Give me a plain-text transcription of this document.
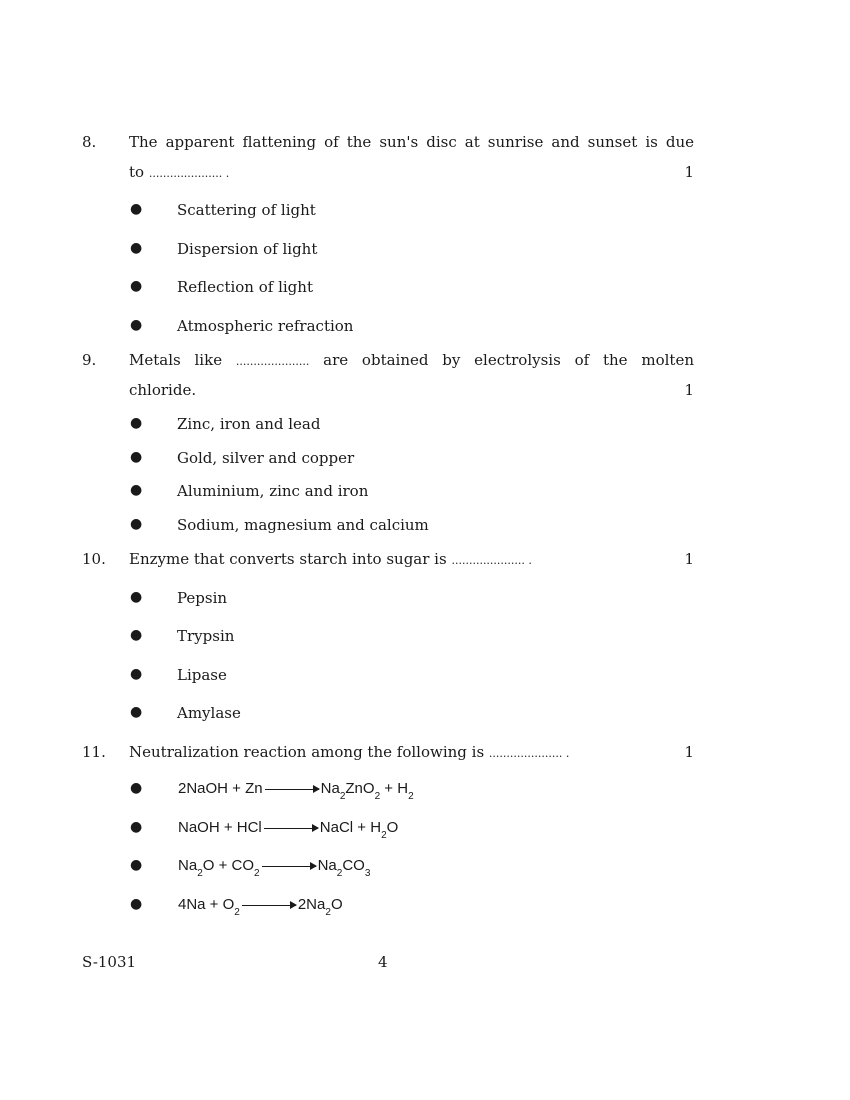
8. The apparent flattening of the sun's disc at sunrise and sunset is due
to ..................... .	1
● Scattering of light
● Dispersion of light
● Reflection of light
● Atmospheric refraction
9. Metals like ..................... are obtained by electrolysis of the molten
chloride.	1
● Zinc, iron and lead
● Gold, silver and copper
● Aluminium, zinc and iron
● Sodium, magnesium and calcium
10. Enzyme that converts starch into sugar is ..................... .	1
● Pepsin
● Trypsin
● Lipase
● Amylase
11. Neutralization reaction among the following is ..................... .	1
● 2NaOH + Zn	$Na_2ZnO_2 + H_2$
● NaOH + HCl	NaCl + $H_2O$
● $Na_2O + CO_2$	$Na_2CO_3$
● $4Na + O_2$	$2Na_2O$
S-1031	4
